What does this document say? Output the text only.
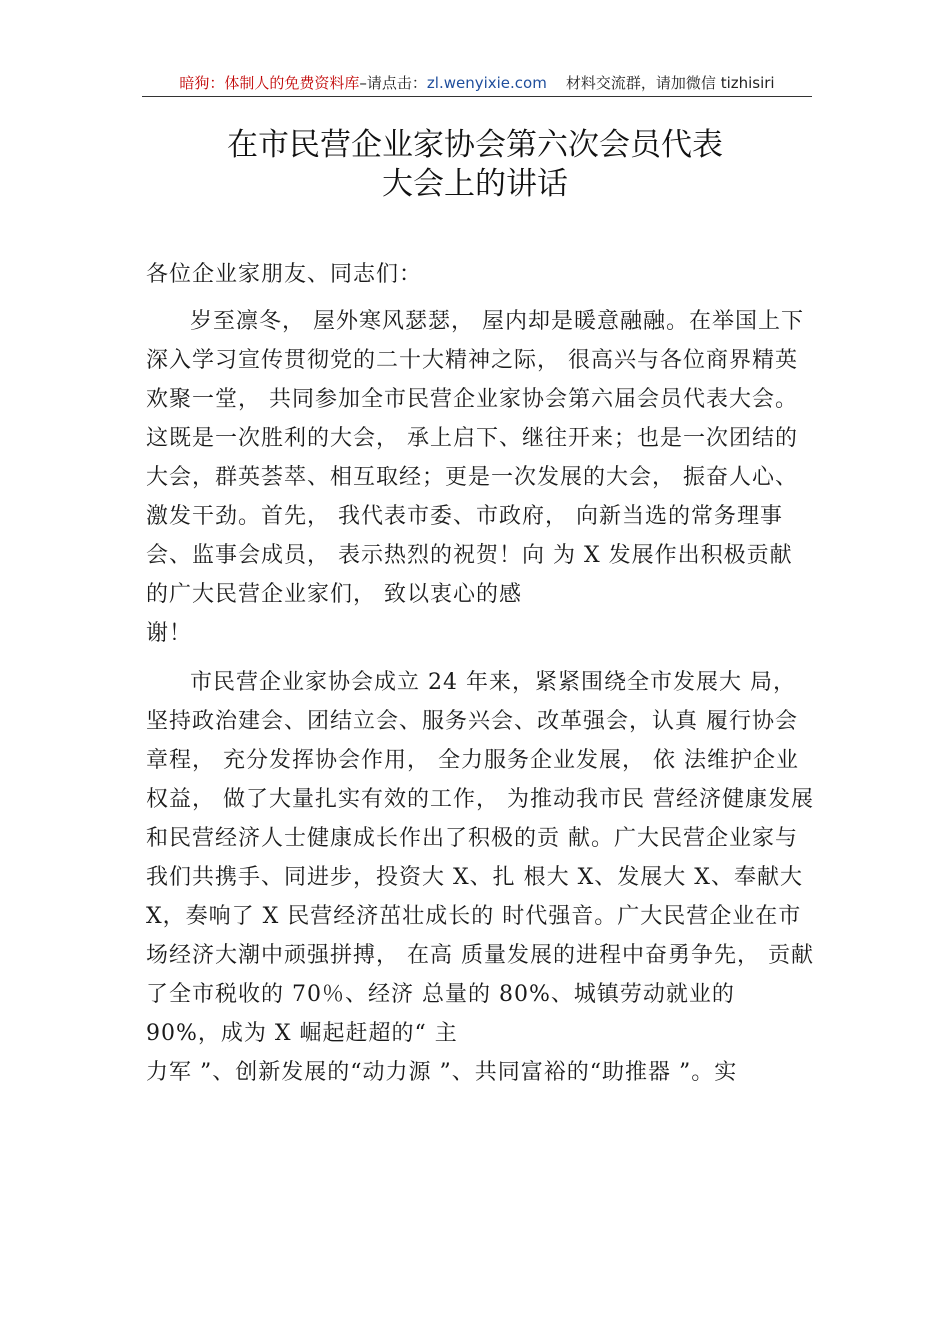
暗狗：体制人的免费资料库–请点击：zl.wenyixie.com 材料交流群，请加微信 tizhisiri
在市民营企业家协会第六次会员代表
大会上的讲话

各位企业家朋友、同志们：

岁至凛冬， 屋外寒风瑟瑟， 屋内却是暖意融融。在举国上下深入学习宣传贯彻党的二十大精神之际， 很高兴与各位商界精英欢聚一堂， 共同参加全市民营企业家协会第六届会员代表大会。这既是一次胜利的大会， 承上启下、继往开来；也是一次团结的大会，群英荟萃、相互取经；更是一次发展的大会， 振奋人心、激发干劲。首先， 我代表市委、市政府， 向新当选的常务理事会、监事会成员， 表示热烈的祝贺！向 为 X 发展作出积极贡献的广大民营企业家们， 致以衷心的感

谢！

市民营企业家协会成立 24 年来，紧紧围绕全市发展大 局， 坚持政治建会、团结立会、服务兴会、改革强会，认真 履行协会章程， 充分发挥协会作用， 全力服务企业发展， 依 法维护企业权益， 做了大量扎实有效的工作， 为推动我市民 营经济健康发展和民营经济人士健康成长作出了积极的贡 献。广大民营企业家与我们共携手、同进步，投资大 X、扎 根大 X、发展大 X、奉献大 X，奏响了 X 民营经济茁壮成长的 时代强音。广大民营企业在市场经济大潮中顽强拼搏， 在高 质量发展的进程中奋勇争先， 贡献了全市税收的 70％、经济 总量的 80%、城镇劳动就业的 90%，成为 X 崛起赶超的“ 主

力军 ”、创新发展的“动力源 ”、共同富裕的“助推器 ”。实
